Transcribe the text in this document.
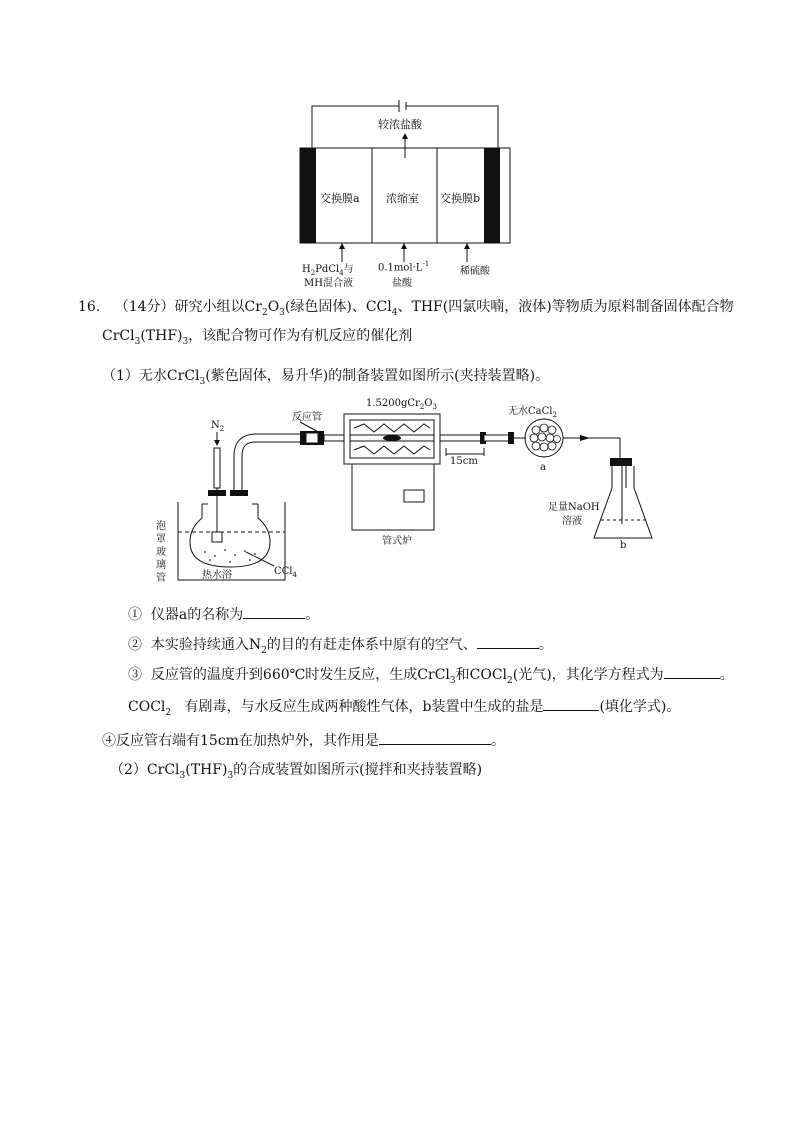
较浓盐酸
交换膜a 浓缩室 交换膜b
$H_2PdCl_4$与
MH混合液
$0.1mol\cdot L^{-1}$
盐酸
稀硫酸
16. （14分）研究小组以$Cr_2O_3$(绿色固体)、CCl$_4$、THF(四氯呋喃，液体)等物质为原料制备固体配合物
$CrCl_3(THF)_3$，该配合物可作为有机反应的催化剂
（1）无水CrCl$_3$(紫色固体，易升华)的制备装置如图所示(夹持装置略)。
$N_2$
反应管
$1.5200gCr_2O_3$
15cm
管式炉
无水CaCl$_2$
a
足量NaOH
溶液
b
泡
罩
玻
璃
管	热水浴	CCl$_4$
① 仪器a的名称为	。
② 本实验持续通入$N_2$的目的有赶走体系中原有的空气、	。
③ 反应管的温度升到660℃时发生反应，生成CrCl$_3$和COCl$_2$(光气)，其化学方程式为	。
COCl$_2$ 有剧毒，与水反应生成两种酸性气体，b装置中生成的盐是	(填化学式)。
④反应管右端有15cm在加热炉外，其作用是	。
$(2)CrCl_3(THF)_3$的合成装置如图所示(搅拌和夹持装置略)
